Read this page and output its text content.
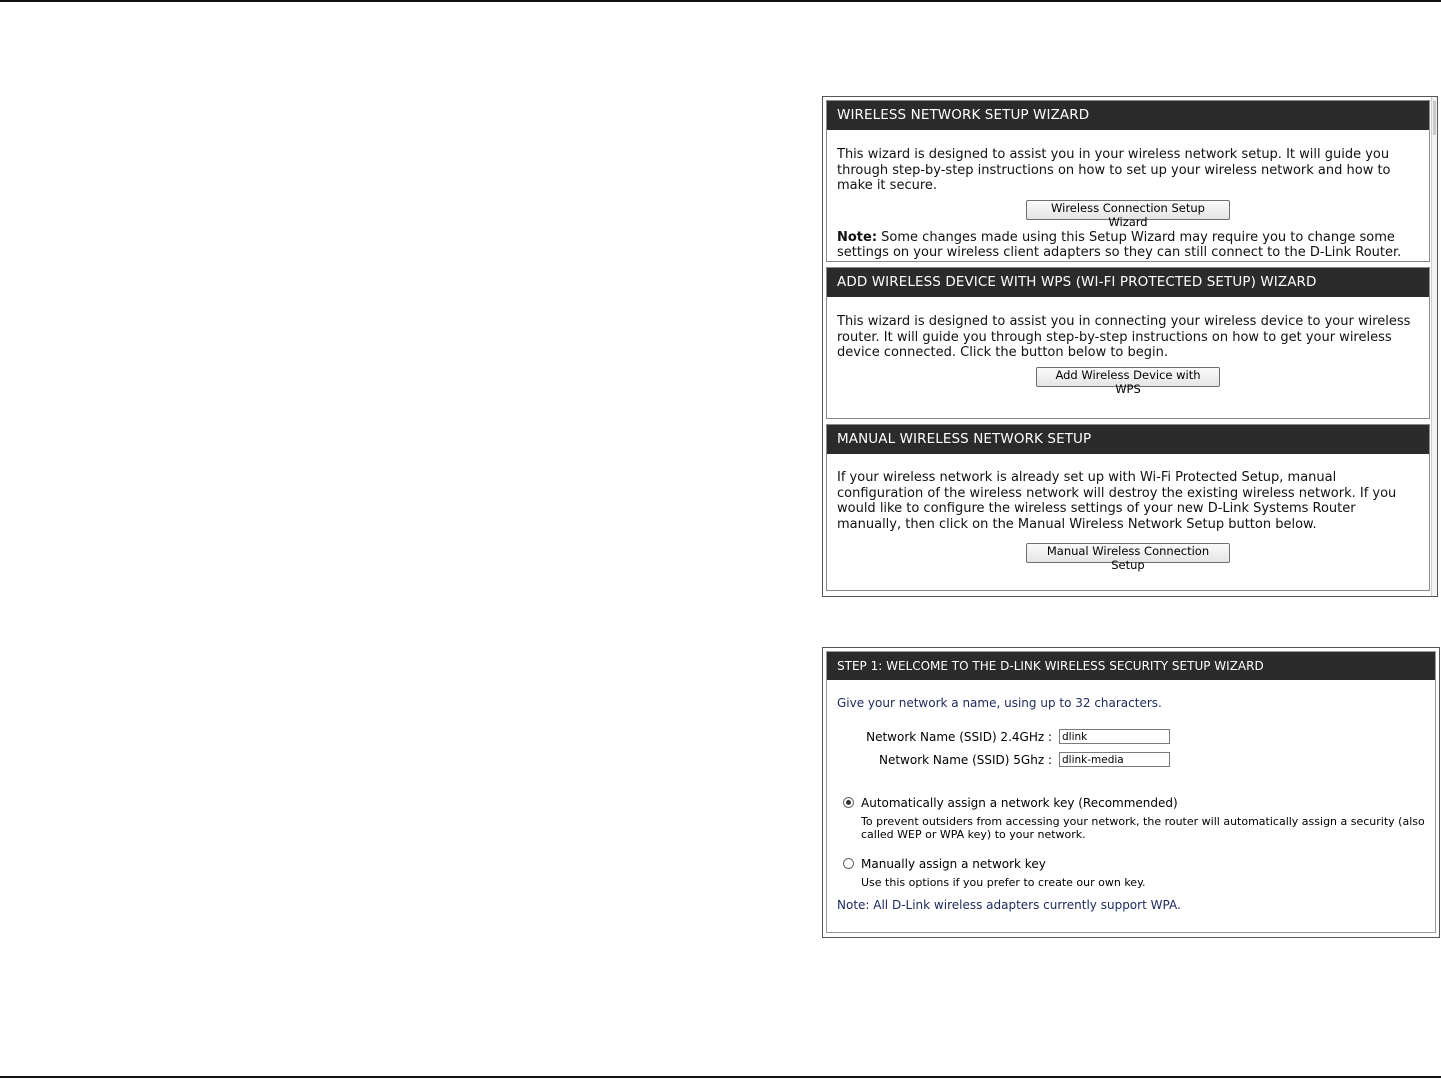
WIRELESS NETWORK SETUP WIZARD

This wizard is designed to assist you in your wireless network setup. It will guide you through step-by-step instructions on how to set up your wireless network and how to make it secure.

Wireless Connection Setup Wizard

Note: Some changes made using this Setup Wizard may require you to change some settings on your wireless client adapters so they can still connect to the D-Link Router.

ADD WIRELESS DEVICE WITH WPS (WI-FI PROTECTED SETUP) WIZARD

This wizard is designed to assist you in connecting your wireless device to your wireless router. It will guide you through step-by-step instructions on how to get your wireless device connected. Click the button below to begin.

Add Wireless Device with WPS
MANUAL WIRELESS NETWORK SETUP

If your wireless network is already set up with Wi-Fi Protected Setup, manual configuration of the wireless network will destroy the existing wireless network. If you would like to configure the wireless settings of your new D-Link Systems Router manually, then click on the Manual Wireless Network Setup button below.

Manual Wireless Connection Setup
STEP 1: WELCOME TO THE D-LINK WIRELESS SECURITY SETUP WIZARD
Give your network a name, using up to 32 characters.
Network Name (SSID) 2.4GHz :
dlink
Network Name (SSID) 5Ghz :
dlink-media
Automatically assign a network key (Recommended)
To prevent outsiders from accessing your network, the router will automatically assign a security (also called WEP or WPA key) to your network.
Manually assign a network key
Use this options if you prefer to create our own key.
Note: All D-Link wireless adapters currently support WPA.
